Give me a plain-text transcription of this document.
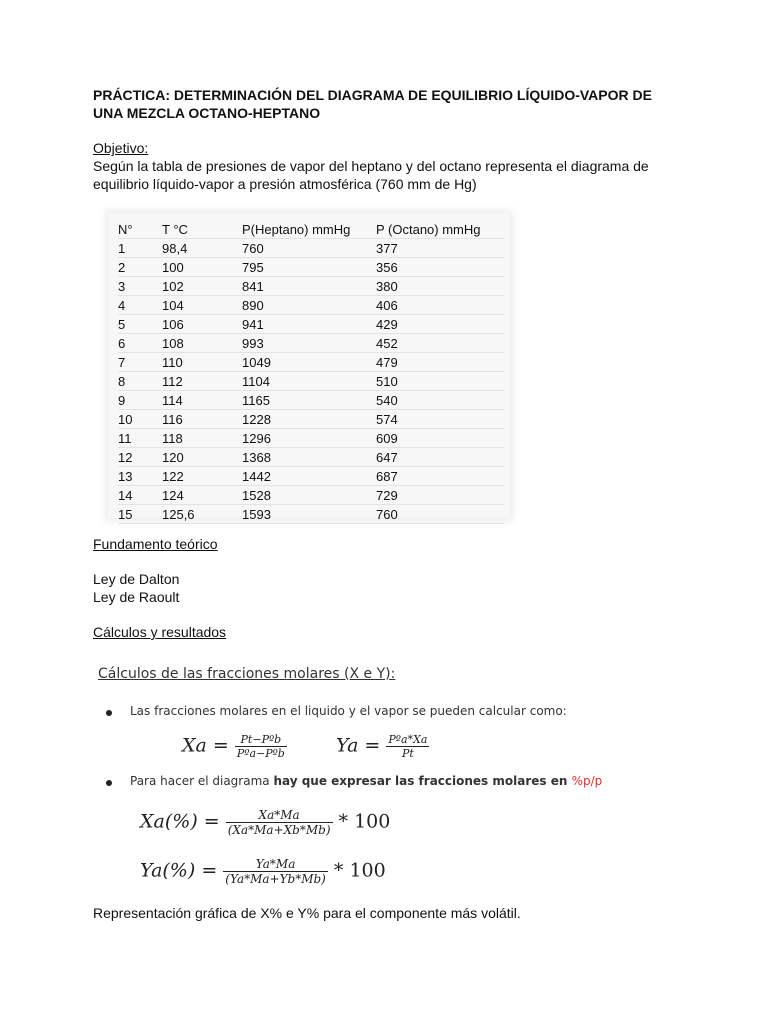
PRÁCTICA: DETERMINACIÓN DEL DIAGRAMA DE EQUILIBRIO LÍQUIDO-VAPOR DE UNA MEZCLA OCTANO-HEPTANO
Objetivo:
Según la tabla de presiones de vapor del heptano y del octano representa el diagrama de equilibrio líquido-vapor a presión atmosférica (760 mm de Hg)
N°	T °C	P(Heptano) mmHg	P (Octano) mmHg
1	98,4	760	377
2	100	795	356
3	102	841	380
4	104	890	406
5	106	941	429
6	108	993	452
7	110	1049	479
8	112	1104	510
9	114	1165	540
10	116	1228	574
11	118	1296	609
12	120	1368	647
13	122	1442	687
14	124	1528	729
15	125,6	1593	760
Fundamento teórico
Ley de Dalton
Ley de Raoult
Cálculos y resultados
Cálculos de las fracciones molares (X e Y):
Las fracciones molares en el liquido y el vapor se pueden calcular como:
$Xa = \frac{\text{Pt−Pºb}}{\text{Pºa−Pºb}}$	$Ya = \frac{\text{Pºa*Xa}}{Pt}$
Para hacer el diagrama hay que expresar las fracciones molares en %p/p
$Xa(\%) = \frac{Xa*Ma}{(Xa*Ma+Xb*Mb)} * 100$
$Ya(\%) = \frac{Ya*Ma}{(Ya*Ma+Yb*Mb)} * 100$
Representación gráfica de X% e Y% para el componente más volátil.
